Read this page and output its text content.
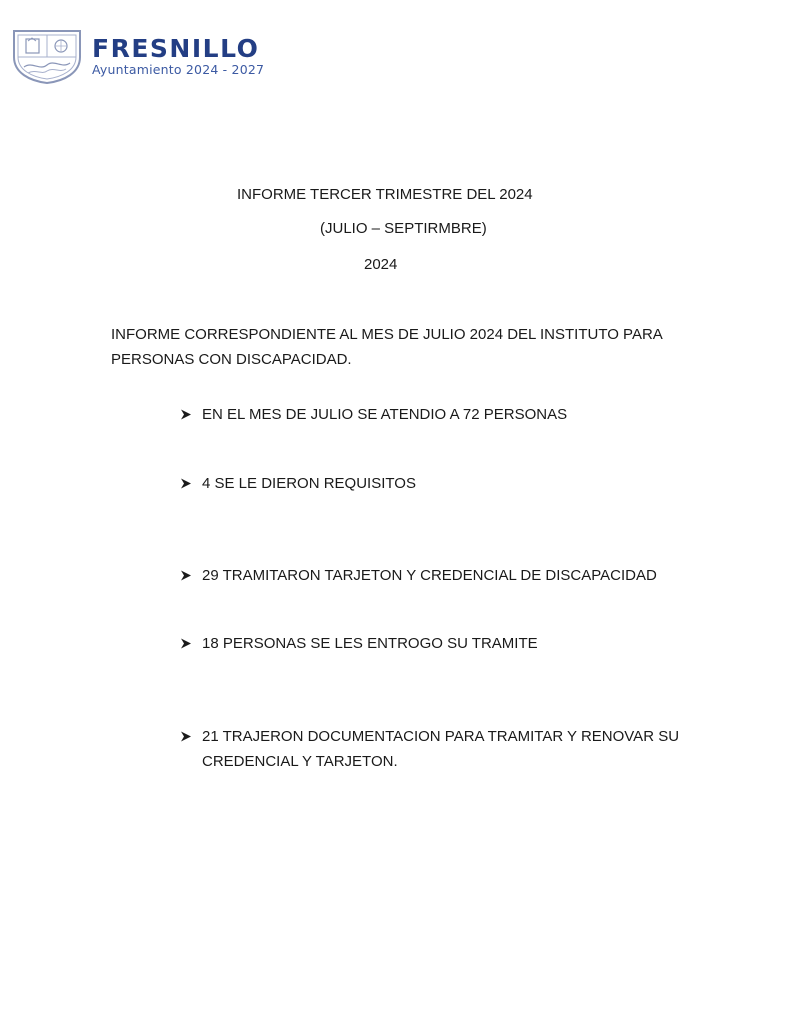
FRESNILLO
Ayuntamiento 2024 - 2027
INFORME TERCER TRIMESTRE DEL 2024
(JULIO – SEPTIRMBRE)
2024
INFORME CORRESPONDIENTE AL MES DE JULIO 2024 DEL INSTITUTO PARA PERSONAS CON DISCAPACIDAD.
EN EL MES DE JULIO SE ATENDIO A 72 PERSONAS
4 SE LE DIERON REQUISITOS
29 TRAMITARON TARJETON Y CREDENCIAL DE DISCAPACIDAD
18 PERSONAS SE LES ENTROGO SU TRAMITE
21 TRAJERON DOCUMENTACION PARA TRAMITAR Y RENOVAR SU CREDENCIAL Y TARJETON.
